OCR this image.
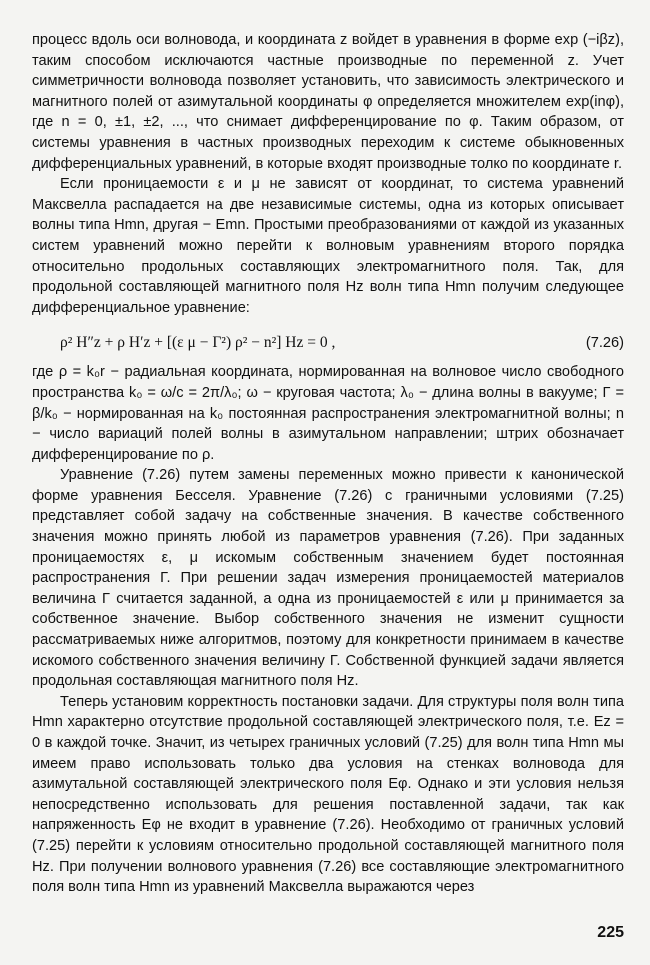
процесс вдоль оси волновода, и координата z войдет в уравнения в форме exp (−iβz), таким способом исключаются частные производные по переменной z. Учет симметричности волновода позволяет установить, что зависимость электрического и магнитного полей от азимутальной координаты φ определяется множителем exp(inφ), где n = 0, ±1, ±2, ..., что снимает дифференцирование по φ. Таким образом, от системы уравнения в частных производных переходим к системе обыкновенных дифференциальных уравнений, в которые входят производные толко по координате r.

Если проницаемости ε и μ не зависят от координат, то система уравнений Максвелла распадается на две независимые системы, одна из которых описывает волны типа Hmn, другая − Emn. Простыми преобразованиями от каждой из указанных систем уравнений можно перейти к волновым уравнениям второго порядка относительно продольных составляющих электромагнитного поля. Так, для продольной составляющей магнитного поля Hz волн типа Hmn получим следующее дифференциальное уравнение:

ρ² H″z + ρ H′z + [(ε μ − Γ²) ρ² − n²] Hz = 0 ,	(7.26)

где ρ = k₀r − радиальная координата, нормированная на волновое число свободного пространства k₀ = ω/c = 2π/λ₀; ω − круговая частота; λ₀ − длина волны в вакууме; Γ = β/k₀ − нормированная на k₀ постоянная распространения электромагнитной волны; n − число вариаций полей волны в азимутальном направлении; штрих обозначает дифференцирование по ρ.

Уравнение (7.26) путем замены переменных можно привести к канонической форме уравнения Бесселя. Уравнение (7.26) с граничными условиями (7.25) представляет собой задачу на собственные значения. В качестве собственного значения можно принять любой из параметров уравнения (7.26). При заданных проницаемостях ε, μ искомым собственным значением будет постоянная распространения Γ. При решении задач измерения проницаемостей материалов величина Γ считается заданной, а одна из проницаемостей ε или μ принимается за собственное значение. Выбор собственного значения не изменит сущности рассматриваемых ниже алгоритмов, поэтому для конкретности принимаем в качестве искомого собственного значения величину Γ. Собственной функцией задачи является продольная составляющая магнитного поля Hz.

Теперь установим корректность постановки задачи. Для структуры поля волн типа Hmn характерно отсутствие продольной составляющей электрического поля, т.е. Ez = 0 в каждой точке. Значит, из четырех граничных условий (7.25) для волн типа Hmn мы имеем право использовать только два условия на стенках волновода для азимутальной составляющей электрического поля Eφ. Однако и эти условия нельзя непосредственно использовать для решения поставленной задачи, так как напряженность Eφ не входит в уравнение (7.26). Необходимо от граничных условий (7.25) перейти к условиям относительно продольной составляющей магнитного поля Hz. При получении волнового уравнения (7.26) все составляющие электромагнитного поля волн типа Hmn из уравнений Максвелла выражаются через

225
